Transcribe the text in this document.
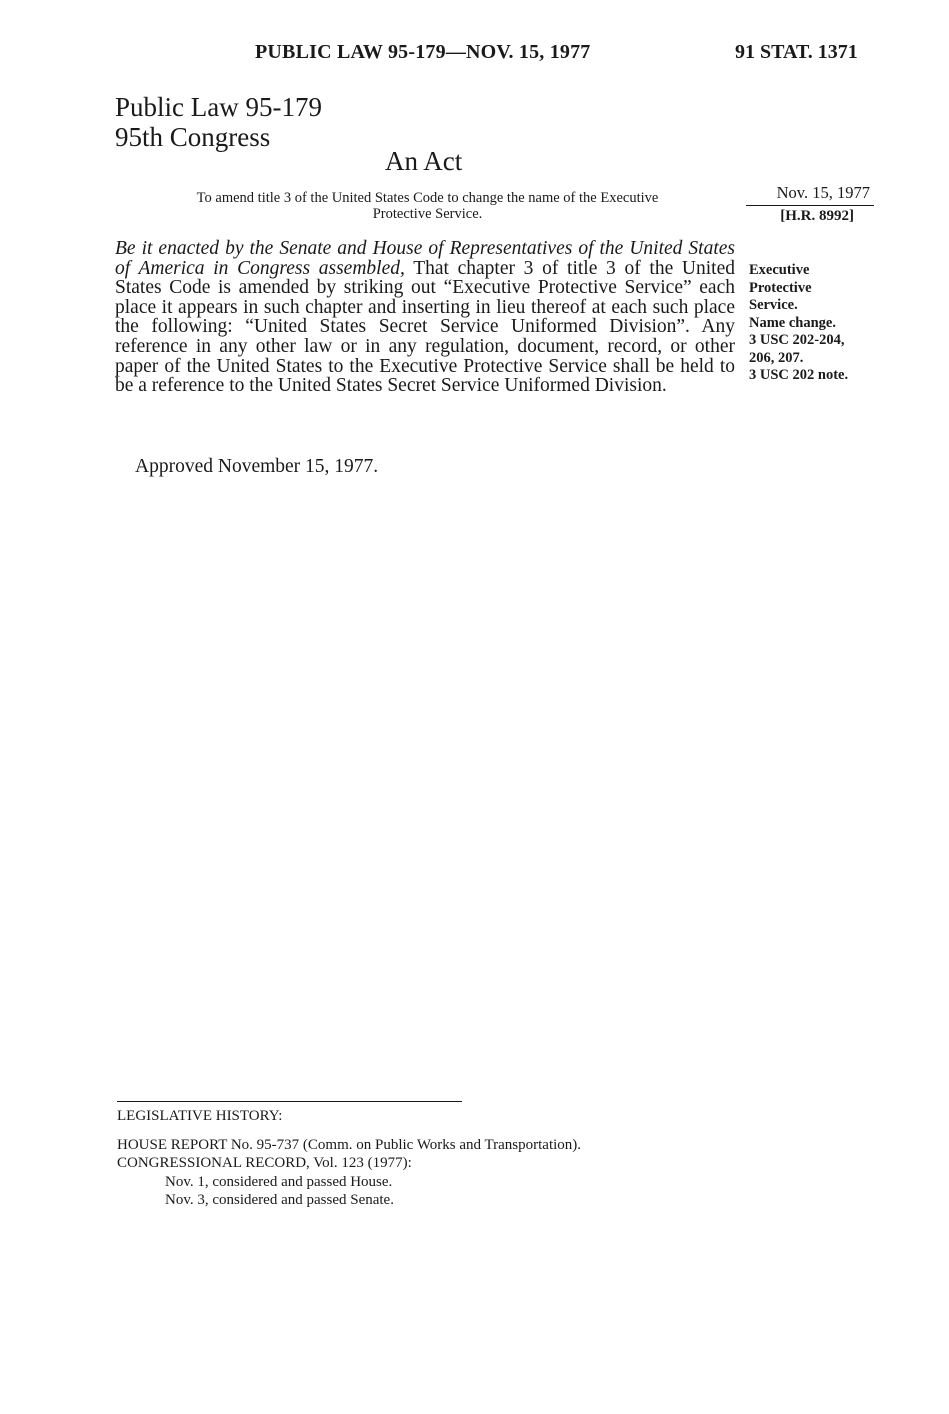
PUBLIC LAW 95-179—NOV. 15, 1977	91 STAT. 1371
Public Law 95-179
95th Congress
An Act
To amend title 3 of the United States Code to change the name of the Executive
Protective Service.
Nov. 15, 1977
[H.R. 8992]
Be it enacted by the Senate and House of Representatives of the United States of America in Congress assembled, That chapter 3 of title 3 of the United States Code is amended by striking out “Executive Protective Service” each place it appears in such chapter and inserting in lieu thereof at each such place the following: “United States Secret Service Uniformed Division”. Any reference in any other law or in any regulation, document, record, or other paper of the United States to the Executive Protective Service shall be held to be a reference to the United States Secret Service Uniformed Division.
Executive
Protective
Service.
Name change.
3 USC 202-204,
206, 207.
3 USC 202 note.
Approved November 15, 1977.
LEGISLATIVE HISTORY:
HOUSE REPORT No. 95-737 (Comm. on Public Works and Transportation).
CONGRESSIONAL RECORD, Vol. 123 (1977):
Nov. 1, considered and passed House.
Nov. 3, considered and passed Senate.
